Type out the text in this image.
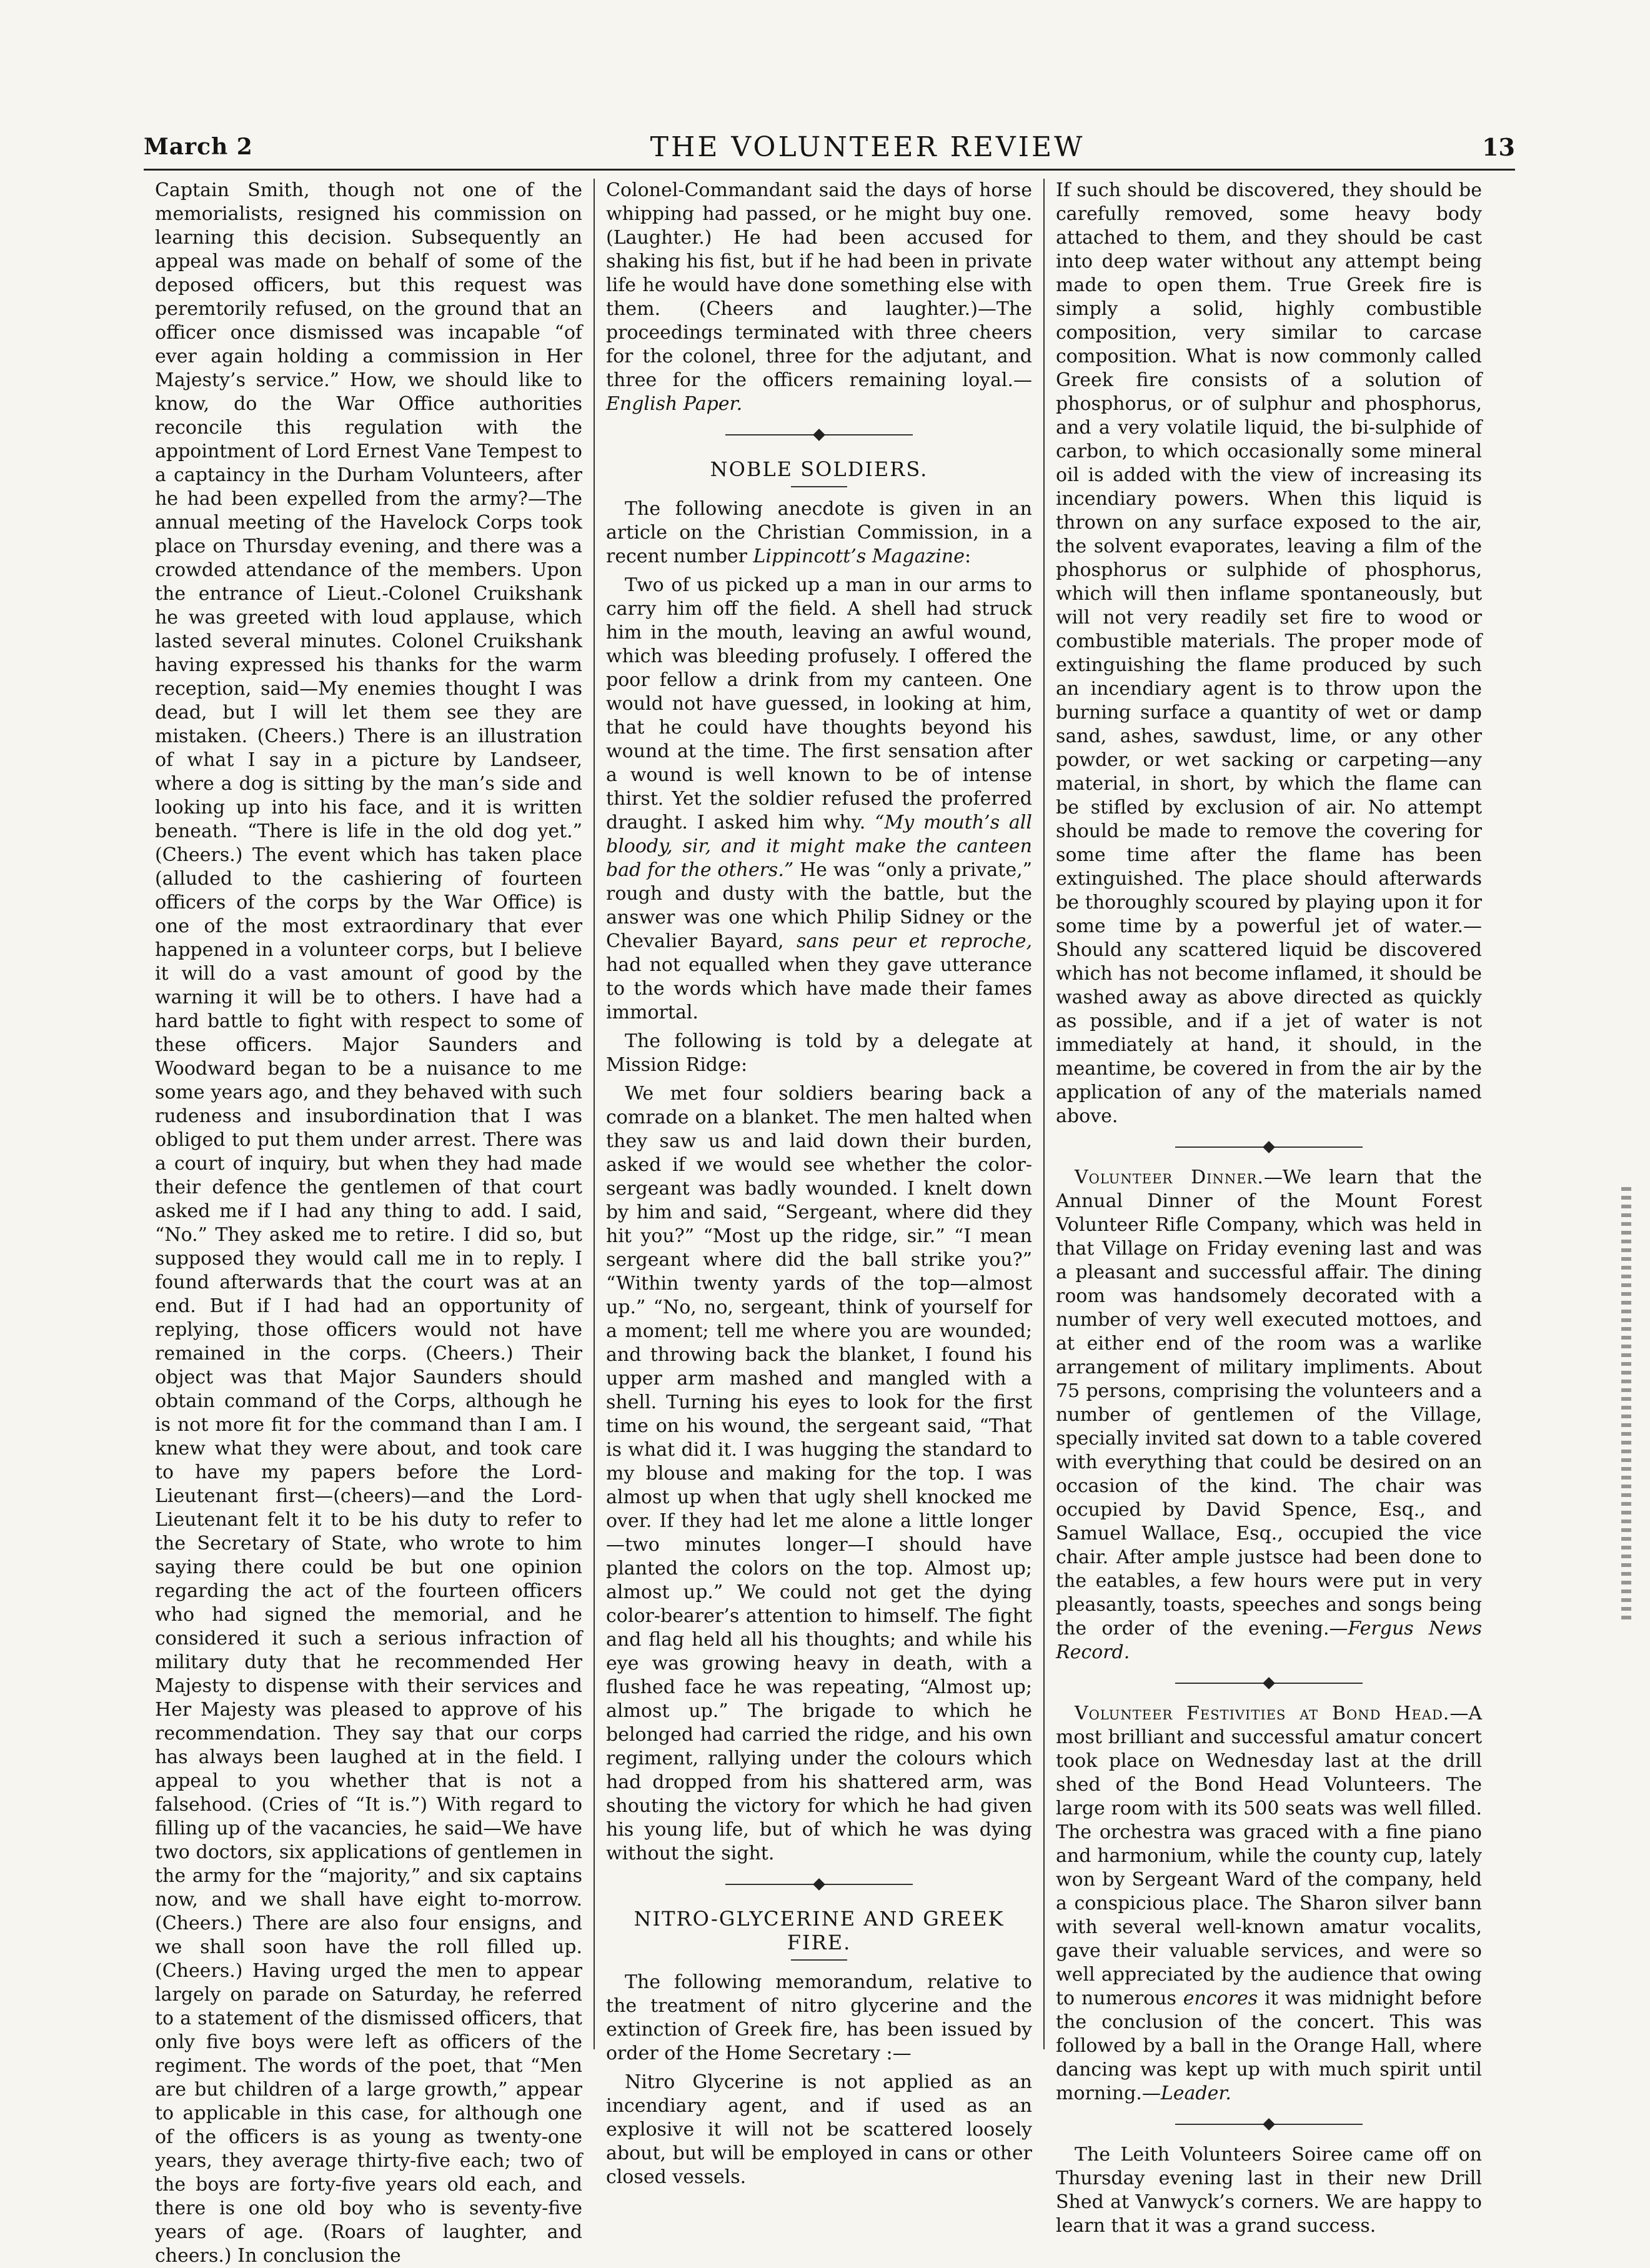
March 2	THE VOLUNTEER REVIEW	13

Captain Smith, though not one of the memorialists, resigned his commission on learning this decision. Subsequently an appeal was made on behalf of some of the deposed officers, but this request was peremtorily refused, on the ground that an officer once dismissed was incapable “of ever again holding a commission in Her Majesty’s service.” How, we should like to know, do the War Office authorities reconcile this regulation with the appointment of Lord Ernest Vane Tempest to a captaincy in the Durham Volunteers, after he had been expelled from the army?—The annual meeting of the Havelock Corps took place on Thursday evening, and there was a crowded attendance of the members. Upon the entrance of Lieut.-Colonel Cruikshank he was greeted with loud applause, which lasted several minutes. Colonel Cruikshank having expressed his thanks for the warm reception, said—My enemies thought I was dead, but I will let them see they are mistaken. (Cheers.) There is an illustration of what I say in a picture by Landseer, where a dog is sitting by the man’s side and looking up into his face, and it is written beneath. “There is life in the old dog yet.” (Cheers.) The event which has taken place (alluded to the cashiering of fourteen officers of the corps by the War Office) is one of the most extraordinary that ever happened in a volunteer corps, but I believe it will do a vast amount of good by the warning it will be to others. I have had a hard battle to fight with respect to some of these officers. Major Saunders and Woodward began to be a nuisance to me some years ago, and they behaved with such rudeness and insubordination that I was obliged to put them under arrest. There was a court of inquiry, but when they had made their defence the gentlemen of that court asked me if I had any thing to add. I said, “No.” They asked me to retire. I did so, but supposed they would call me in to reply. I found afterwards that the court was at an end. But if I had had an opportunity of replying, those officers would not have remained in the corps. (Cheers.) Their object was that Major Saunders should obtain command of the Corps, although he is not more fit for the command than I am. I knew what they were about, and took care to have my papers before the Lord-Lieutenant first—(cheers)—and the Lord-Lieutenant felt it to be his duty to refer to the Secretary of State, who wrote to him saying there could be but one opinion regarding the act of the fourteen officers who had signed the memorial, and he considered it such a serious infraction of military duty that he recommended Her Majesty to dispense with their services and Her Majesty was pleased to approve of his recommendation. They say that our corps has always been laughed at in the field. I appeal to you whether that is not a falsehood. (Cries of “It is.”) With regard to filling up of the vacancies, he said—We have two doctors, six applications of gentlemen in the army for the “majority,” and six captains now, and we shall have eight to-morrow. (Cheers.) There are also four ensigns, and we shall soon have the roll filled up. (Cheers.) Having urged the men to appear largely on parade on Saturday, he referred to a statement of the dismissed officers, that only five boys were left as officers of the regiment. The words of the poet, that “Men are but children of a large growth,” appear to applicable in this case, for although one of the officers is as young as twenty-one years, they average thirty-five each; two of the boys are forty-five years old each, and there is one old boy who is seventy-five years of age. (Roars of laughter, and cheers.) In conclusion the

Colonel-Commandant said the days of horse whipping had passed, or he might buy one. (Laughter.) He had been accused for shaking his fist, but if he had been in private life he would have done something else with them. (Cheers and laughter.)—The proceedings terminated with three cheers for the colonel, three for the adjutant, and three for the officers remaining loyal.—English Paper.

NOBLE SOLDIERS.

The following anecdote is given in an article on the Christian Commission, in a recent number Lippincott’s Magazine:

Two of us picked up a man in our arms to carry him off the field. A shell had struck him in the mouth, leaving an awful wound, which was bleeding profusely. I offered the poor fellow a drink from my canteen. One would not have guessed, in looking at him, that he could have thoughts beyond his wound at the time. The first sensation after a wound is well known to be of intense thirst. Yet the soldier refused the proferred draught. I asked him why. “My mouth’s all bloody, sir, and it might make the canteen bad for the others.” He was “only a private,” rough and dusty with the battle, but the answer was one which Philip Sidney or the Chevalier Bayard, sans peur et reproche, had not equalled when they gave utterance to the words which have made their fames immortal.

The following is told by a delegate at Mission Ridge:

We met four soldiers bearing back a comrade on a blanket. The men halted when they saw us and laid down their burden, asked if we would see whether the color-sergeant was badly wounded. I knelt down by him and said, “Sergeant, where did they hit you?” “Most up the ridge, sir.” “I mean sergeant where did the ball strike you?” “Within twenty yards of the top—almost up.” “No, no, sergeant, think of yourself for a moment; tell me where you are wounded; and throwing back the blanket, I found his upper arm mashed and mangled with a shell. Turning his eyes to look for the first time on his wound, the sergeant said, “That is what did it. I was hugging the standard to my blouse and making for the top. I was almost up when that ugly shell knocked me over. If they had let me alone a little longer—two minutes longer—I should have planted the colors on the top. Almost up; almost up.” We could not get the dying color-bearer’s attention to himself. The fight and flag held all his thoughts; and while his eye was growing heavy in death, with a flushed face he was repeating, “Almost up; almost up.” The brigade to which he belonged had carried the ridge, and his own regiment, rallying under the colours which had dropped from his shattered arm, was shouting the victory for which he had given his young life, but of which he was dying without the sight.

NITRO-GLYCERINE AND GREEK FIRE.

The following memorandum, relative to the treatment of nitro glycerine and the extinction of Greek fire, has been issued by order of the Home Secretary :—

Nitro Glycerine is not applied as an incendiary agent, and if used as an explosive it will not be scattered loosely about, but will be employed in cans or other closed vessels.

If such should be discovered, they should be carefully removed, some heavy body attached to them, and they should be cast into deep water without any attempt being made to open them. True Greek fire is simply a solid, highly combustible composition, very similar to carcase composition. What is now commonly called Greek fire consists of a solution of phosphorus, or of sulphur and phosphorus, and a very volatile liquid, the bi-sulphide of carbon, to which occasionally some mineral oil is added with the view of increasing its incendiary powers. When this liquid is thrown on any surface exposed to the air, the solvent evaporates, leaving a film of the phosphorus or sulphide of phosphorus, which will then inflame spontaneously, but will not very readily set fire to wood or combustible materials. The proper mode of extinguishing the flame produced by such an incendiary agent is to throw upon the burning surface a quantity of wet or damp sand, ashes, sawdust, lime, or any other powder, or wet sacking or carpeting—any material, in short, by which the flame can be stifled by exclusion of air. No attempt should be made to remove the covering for some time after the flame has been extinguished. The place should afterwards be thoroughly scoured by playing upon it for some time by a powerful jet of water.—Should any scattered liquid be discovered which has not become inflamed, it should be washed away as above directed as quickly as possible, and if a jet of water is not immediately at hand, it should, in the meantime, be covered in from the air by the application of any of the materials named above.

Volunteer Dinner.—We learn that the Annual Dinner of the Mount Forest Volunteer Rifle Company, which was held in that Village on Friday evening last and was a pleasant and successful affair. The dining room was handsomely decorated with a number of very well executed mottoes, and at either end of the room was a warlike arrangement of military impliments. About 75 persons, comprising the volunteers and a number of gentlemen of the Village, specially invited sat down to a table covered with everything that could be desired on an occasion of the kind. The chair was occupied by David Spence, Esq., and Samuel Wallace, Esq., occupied the vice chair. After ample justsce had been done to the eatables, a few hours were put in very pleasantly, toasts, speeches and songs being the order of the evening.—Fergus News Record.

Volunteer Festivities at Bond Head.—A most brilliant and successful amatur concert took place on Wednesday last at the drill shed of the Bond Head Volunteers. The large room with its 500 seats was well filled. The orchestra was graced with a fine piano and harmonium, while the county cup, lately won by Sergeant Ward of the company, held a conspicious place. The Sharon silver bann with several well-known amatur vocalits, gave their valuable services, and were so well appreciated by the audience that owing to numerous encores it was midnight before the conclusion of the concert. This was followed by a ball in the Orange Hall, where dancing was kept up with much spirit until morning.—Leader.

The Leith Volunteers Soiree came off on Thursday evening last in their new Drill Shed at Vanwyck’s corners. We are happy to learn that it was a grand success.
